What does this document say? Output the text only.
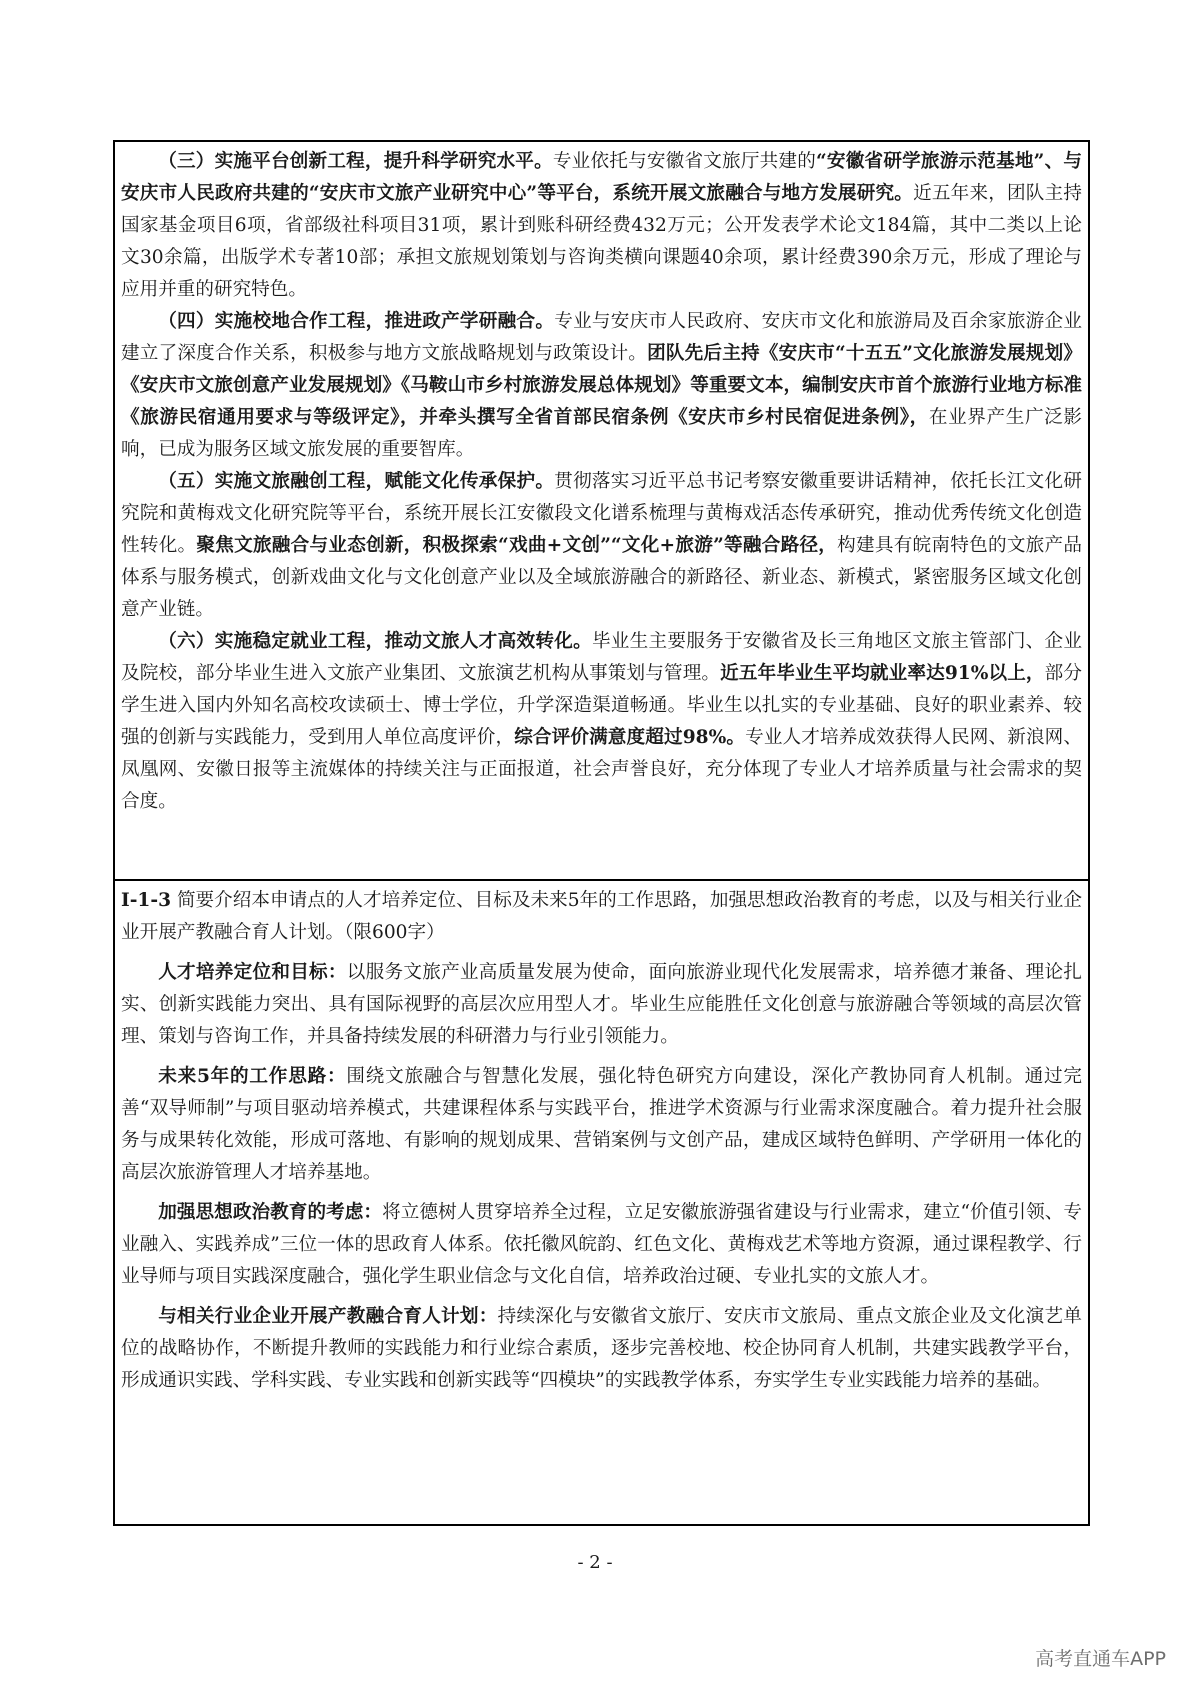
（三）实施平台创新工程，提升科学研究水平。专业依托与安徽省文旅厅共建的“安徽省研学旅游示范基地”、与安庆市人民政府共建的“安庆市文旅产业研究中心”等平台，系统开展文旅融合与地方发展研究。近五年来，团队主持国家基金项目6项，省部级社科项目31项，累计到账科研经费432万元；公开发表学术论文184篇，其中二类以上论文30余篇，出版学术专著10部；承担文旅规划策划与咨询类横向课题40余项，累计经费390余万元，形成了理论与应用并重的研究特色。

（四）实施校地合作工程，推进政产学研融合。专业与安庆市人民政府、安庆市文化和旅游局及百余家旅游企业建立了深度合作关系，积极参与地方文旅战略规划与政策设计。团队先后主持《安庆市“十五五”文化旅游发展规划》《安庆市文旅创意产业发展规划》《马鞍山市乡村旅游发展总体规划》等重要文本，编制安庆市首个旅游行业地方标准《旅游民宿通用要求与等级评定》，并牵头撰写全省首部民宿条例《安庆市乡村民宿促进条例》，在业界产生广泛影响，已成为服务区域文旅发展的重要智库。

（五）实施文旅融创工程，赋能文化传承保护。贯彻落实习近平总书记考察安徽重要讲话精神，依托长江文化研究院和黄梅戏文化研究院等平台，系统开展长江安徽段文化谱系梳理与黄梅戏活态传承研究，推动优秀传统文化创造性转化。聚焦文旅融合与业态创新，积极探索“戏曲+文创”“文化+旅游”等融合路径，构建具有皖南特色的文旅产品体系与服务模式，创新戏曲文化与文化创意产业以及全域旅游融合的新路径、新业态、新模式，紧密服务区域文化创意产业链。

（六）实施稳定就业工程，推动文旅人才高效转化。毕业生主要服务于安徽省及长三角地区文旅主管部门、企业及院校，部分毕业生进入文旅产业集团、文旅演艺机构从事策划与管理。近五年毕业生平均就业率达91%以上，部分学生进入国内外知名高校攻读硕士、博士学位，升学深造渠道畅通。毕业生以扎实的专业基础、良好的职业素养、较强的创新与实践能力，受到用人单位高度评价，综合评价满意度超过98%。专业人才培养成效获得人民网、新浪网、凤凰网、安徽日报等主流媒体的持续关注与正面报道，社会声誉良好，充分体现了专业人才培养质量与社会需求的契合度。

I-1-3 简要介绍本申请点的人才培养定位、目标及未来5年的工作思路，加强思想政治教育的考虑，以及与相关行业企业开展产教融合育人计划。（限600字）

人才培养定位和目标：以服务文旅产业高质量发展为使命，面向旅游业现代化发展需求，培养德才兼备、理论扎实、创新实践能力突出、具有国际视野的高层次应用型人才。毕业生应能胜任文化创意与旅游融合等领域的高层次管理、策划与咨询工作，并具备持续发展的科研潜力与行业引领能力。

未来5年的工作思路：围绕文旅融合与智慧化发展，强化特色研究方向建设，深化产教协同育人机制。通过完善“双导师制”与项目驱动培养模式，共建课程体系与实践平台，推进学术资源与行业需求深度融合。着力提升社会服务与成果转化效能，形成可落地、有影响的规划成果、营销案例与文创产品，建成区域特色鲜明、产学研用一体化的高层次旅游管理人才培养基地。

加强思想政治教育的考虑：将立德树人贯穿培养全过程，立足安徽旅游强省建设与行业需求，建立“价值引领、专业融入、实践养成”三位一体的思政育人体系。依托徽风皖韵、红色文化、黄梅戏艺术等地方资源，通过课程教学、行业导师与项目实践深度融合，强化学生职业信念与文化自信，培养政治过硬、专业扎实的文旅人才。

与相关行业企业开展产教融合育人计划：持续深化与安徽省文旅厅、安庆市文旅局、重点文旅企业及文化演艺单位的战略协作，不断提升教师的实践能力和行业综合素质，逐步完善校地、校企协同育人机制，共建实践教学平台，形成通识实践、学科实践、专业实践和创新实践等“四模块”的实践教学体系，夯实学生专业实践能力培养的基础。

- 2 -
高考直通车APP
